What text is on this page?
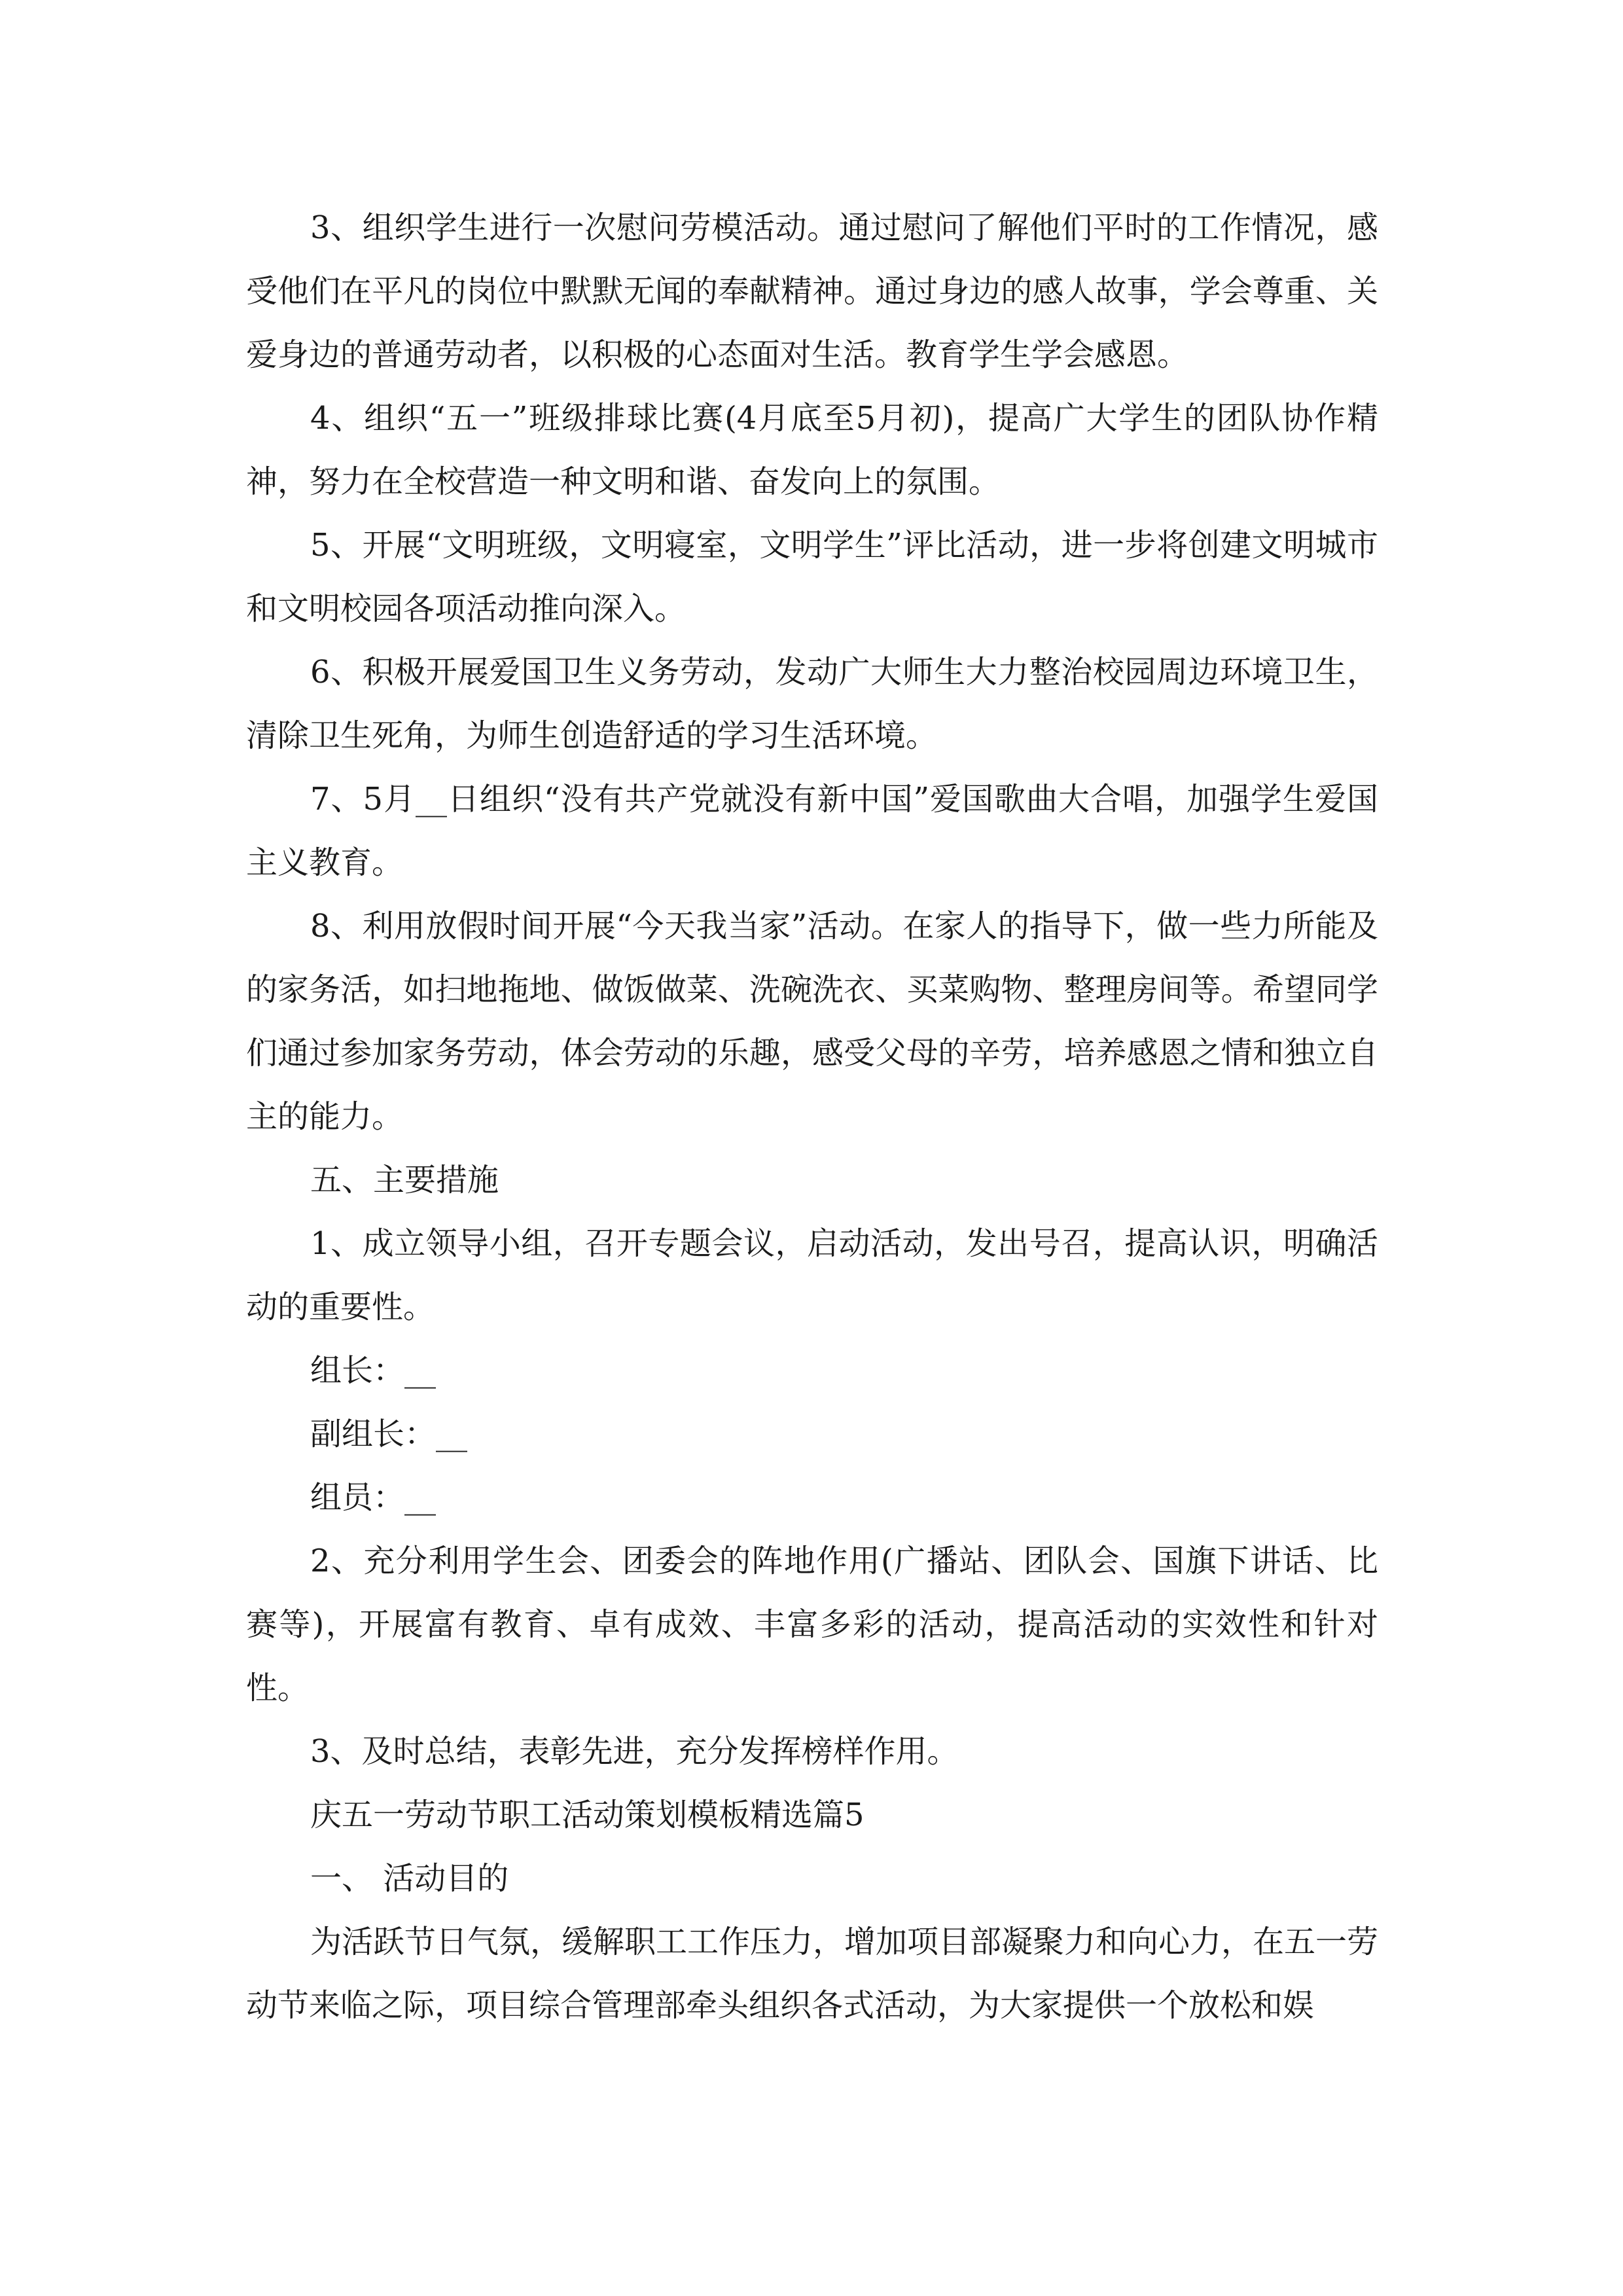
3、组织学生进行一次慰问劳模活动。通过慰问了解他们平时的工作情况，感受他们在平凡的岗位中默默无闻的奉献精神。通过身边的感人故事，学会尊重、关爱身边的普通劳动者，以积极的心态面对生活。教育学生学会感恩。

4、组织“五一”班级排球比赛(4月底至5月初)，提高广大学生的团队协作精神，努力在全校营造一种文明和谐、奋发向上的氛围。

5、开展“文明班级，文明寝室，文明学生”评比活动，进一步将创建文明城市和文明校园各项活动推向深入。

6、积极开展爱国卫生义务劳动，发动广大师生大力整治校园周边环境卫生，清除卫生死角，为师生创造舒适的学习生活环境。

7、5月__日组织“没有共产党就没有新中国”爱国歌曲大合唱，加强学生爱国主义教育。

8、利用放假时间开展“今天我当家”活动。在家人的指导下，做一些力所能及的家务活，如扫地拖地、做饭做菜、洗碗洗衣、买菜购物、整理房间等。希望同学们通过参加家务劳动，体会劳动的乐趣，感受父母的辛劳，培养感恩之情和独立自主的能力。

五、主要措施

1、成立领导小组，召开专题会议，启动活动，发出号召，提高认识，明确活动的重要性。

组长：__

副组长：__

组员：__

2、充分利用学生会、团委会的阵地作用(广播站、团队会、国旗下讲话、比赛等)，开展富有教育、卓有成效、丰富多彩的活动，提高活动的实效性和针对性。

3、及时总结，表彰先进，充分发挥榜样作用。

庆五一劳动节职工活动策划模板精选篇5

一、 活动目的

为活跃节日气氛，缓解职工工作压力，增加项目部凝聚力和向心力，在五一劳动节来临之际，项目综合管理部牵头组织各式活动，为大家提供一个放松和娱
